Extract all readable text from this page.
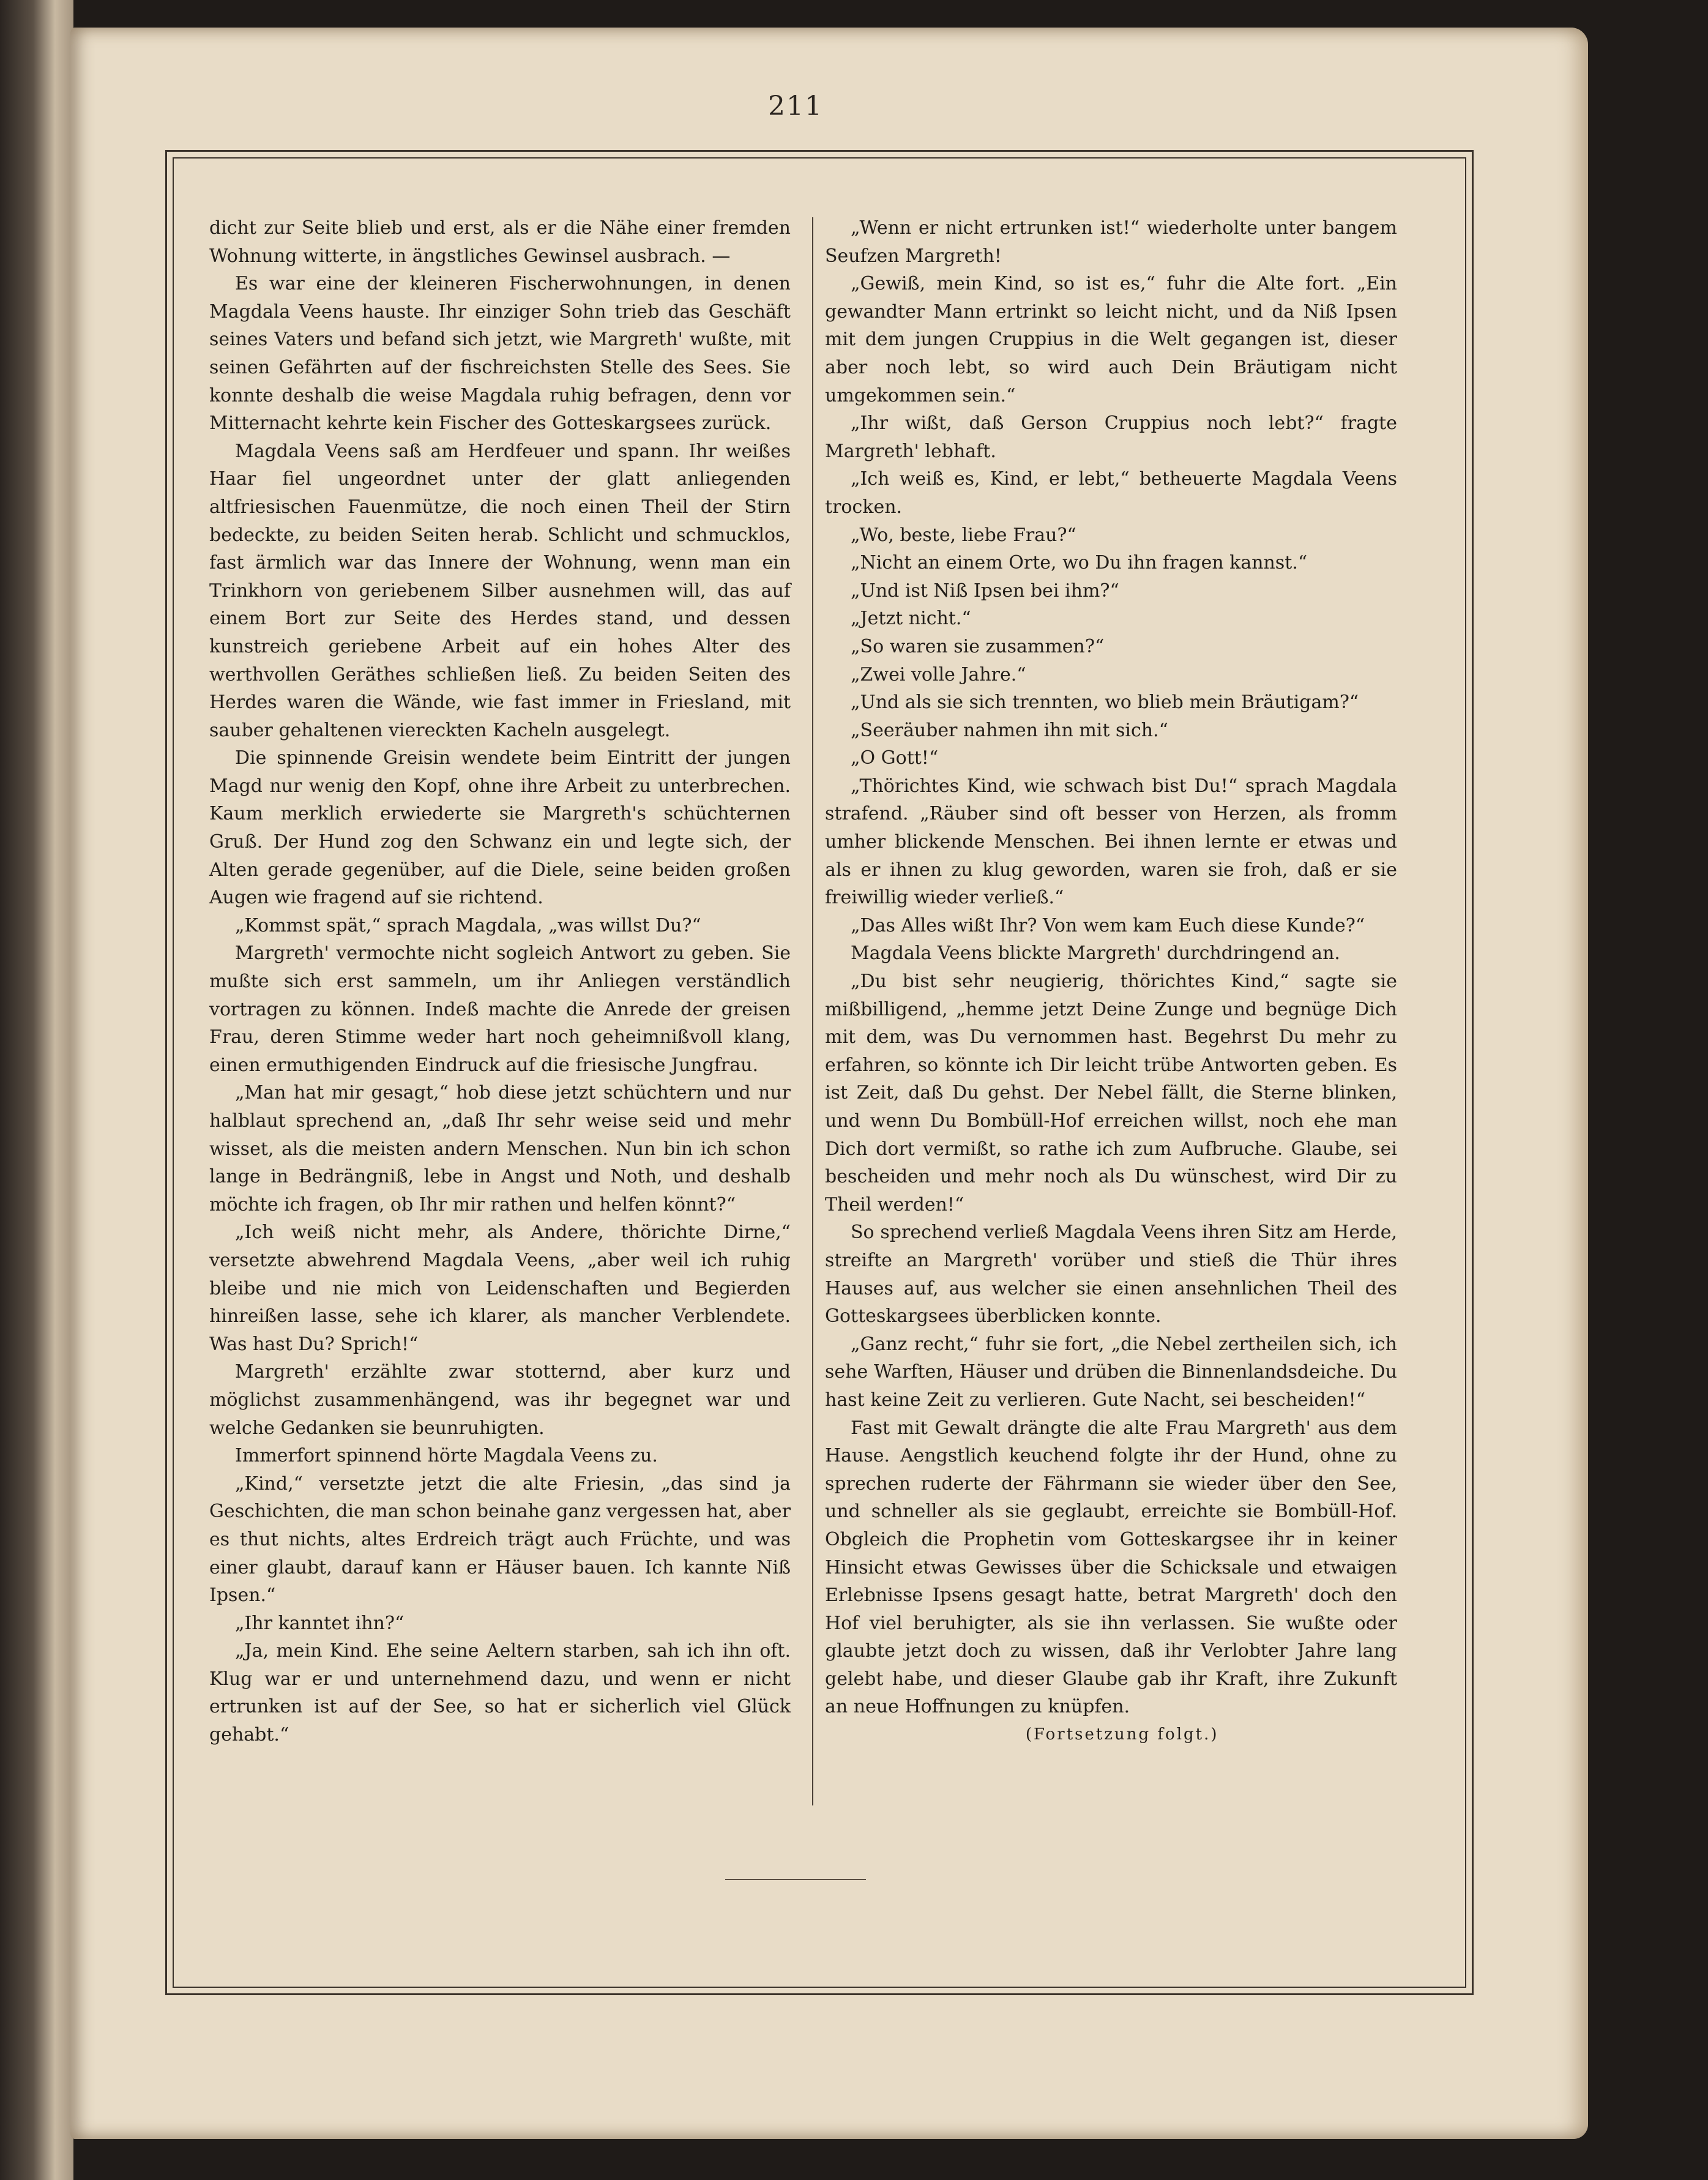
211

dicht zur Seite blieb und erst, als er die Nähe einer fremden Wohnung witterte, in ängstliches Gewinsel ausbrach. —

Es war eine der kleineren Fischerwohnungen, in denen Magdala Veens hauste. Ihr einziger Sohn trieb das Geschäft seines Vaters und befand sich jetzt, wie Margreth' wußte, mit seinen Gefährten auf der fischreichsten Stelle des Sees. Sie konnte deshalb die weise Magdala ruhig befragen, denn vor Mitternacht kehrte kein Fischer des Gotteskargsees zurück.

Magdala Veens saß am Herdfeuer und spann. Ihr weißes Haar fiel ungeordnet unter der glatt anliegenden altfriesischen Fauenmütze, die noch einen Theil der Stirn bedeckte, zu beiden Seiten herab. Schlicht und schmucklos, fast ärmlich war das Innere der Wohnung, wenn man ein Trinkhorn von geriebenem Silber ausnehmen will, das auf einem Bort zur Seite des Herdes stand, und dessen kunstreich geriebene Arbeit auf ein hohes Alter des werthvollen Geräthes schließen ließ. Zu beiden Seiten des Herdes waren die Wände, wie fast immer in Friesland, mit sauber gehaltenen viereckten Kacheln ausgelegt.

Die spinnende Greisin wendete beim Eintritt der jungen Magd nur wenig den Kopf, ohne ihre Arbeit zu unterbrechen. Kaum merklich erwiederte sie Margreth's schüchternen Gruß. Der Hund zog den Schwanz ein und legte sich, der Alten gerade gegenüber, auf die Diele, seine beiden großen Augen wie fragend auf sie richtend.

„Kommst spät,“ sprach Magdala, „was willst Du?“

Margreth' vermochte nicht sogleich Antwort zu geben. Sie mußte sich erst sammeln, um ihr Anliegen verständlich vortragen zu können. Indeß machte die Anrede der greisen Frau, deren Stimme weder hart noch geheimnißvoll klang, einen ermuthigenden Eindruck auf die friesische Jungfrau.

„Man hat mir gesagt,“ hob diese jetzt schüchtern und nur halblaut sprechend an, „daß Ihr sehr weise seid und mehr wisset, als die meisten andern Menschen. Nun bin ich schon lange in Bedrängniß, lebe in Angst und Noth, und deshalb möchte ich fragen, ob Ihr mir rathen und helfen könnt?“

„Ich weiß nicht mehr, als Andere, thörichte Dirne,“ versetzte abwehrend Magdala Veens, „aber weil ich ruhig bleibe und nie mich von Leidenschaften und Begierden hinreißen lasse, sehe ich klarer, als mancher Verblendete. Was hast Du? Sprich!“

Margreth' erzählte zwar stotternd, aber kurz und möglichst zusammenhängend, was ihr begegnet war und welche Gedanken sie beunruhigten.

Immerfort spinnend hörte Magdala Veens zu.

„Kind,“ versetzte jetzt die alte Friesin, „das sind ja Geschichten, die man schon beinahe ganz vergessen hat, aber es thut nichts, altes Erdreich trägt auch Früchte, und was einer glaubt, darauf kann er Häuser bauen. Ich kannte Niß Ipsen.“

„Ihr kanntet ihn?“

„Ja, mein Kind. Ehe seine Aeltern starben, sah ich ihn oft. Klug war er und unternehmend dazu, und wenn er nicht ertrunken ist auf der See, so hat er sicherlich viel Glück gehabt.“

„Wenn er nicht ertrunken ist!“ wiederholte unter bangem Seufzen Margreth!

„Gewiß, mein Kind, so ist es,“ fuhr die Alte fort. „Ein gewandter Mann ertrinkt so leicht nicht, und da Niß Ipsen mit dem jungen Cruppius in die Welt gegangen ist, dieser aber noch lebt, so wird auch Dein Bräutigam nicht umgekommen sein.“

„Ihr wißt, daß Gerson Cruppius noch lebt?“ fragte Margreth' lebhaft.

„Ich weiß es, Kind, er lebt,“ betheuerte Magdala Veens trocken.

„Wo, beste, liebe Frau?“

„Nicht an einem Orte, wo Du ihn fragen kannst.“

„Und ist Niß Ipsen bei ihm?“

„Jetzt nicht.“

„So waren sie zusammen?“

„Zwei volle Jahre.“

„Und als sie sich trennten, wo blieb mein Bräutigam?“

„Seeräuber nahmen ihn mit sich.“

„O Gott!“

„Thörichtes Kind, wie schwach bist Du!“ sprach Magdala strafend. „Räuber sind oft besser von Herzen, als fromm umher blickende Menschen. Bei ihnen lernte er etwas und als er ihnen zu klug geworden, waren sie froh, daß er sie freiwillig wieder verließ.“

„Das Alles wißt Ihr? Von wem kam Euch diese Kunde?“

Magdala Veens blickte Margreth' durchdringend an.

„Du bist sehr neugierig, thörichtes Kind,“ sagte sie mißbilligend, „hemme jetzt Deine Zunge und begnüge Dich mit dem, was Du vernommen hast. Begehrst Du mehr zu erfahren, so könnte ich Dir leicht trübe Antworten geben. Es ist Zeit, daß Du gehst. Der Nebel fällt, die Sterne blinken, und wenn Du Bombüll-Hof erreichen willst, noch ehe man Dich dort vermißt, so rathe ich zum Aufbruche. Glaube, sei bescheiden und mehr noch als Du wünschest, wird Dir zu Theil werden!“

So sprechend verließ Magdala Veens ihren Sitz am Herde, streifte an Margreth' vorüber und stieß die Thür ihres Hauses auf, aus welcher sie einen ansehnlichen Theil des Gotteskargsees überblicken konnte.

„Ganz recht,“ fuhr sie fort, „die Nebel zertheilen sich, ich sehe Warften, Häuser und drüben die Binnenlandsdeiche. Du hast keine Zeit zu verlieren. Gute Nacht, sei bescheiden!“

Fast mit Gewalt drängte die alte Frau Margreth' aus dem Hause. Aengstlich keuchend folgte ihr der Hund, ohne zu sprechen ruderte der Fährmann sie wieder über den See, und schneller als sie geglaubt, erreichte sie Bombüll-Hof. Obgleich die Prophetin vom Gotteskargsee ihr in keiner Hinsicht etwas Gewisses über die Schicksale und etwaigen Erlebnisse Ipsens gesagt hatte, betrat Margreth' doch den Hof viel beruhigter, als sie ihn verlassen. Sie wußte oder glaubte jetzt doch zu wissen, daß ihr Verlobter Jahre lang gelebt habe, und dieser Glaube gab ihr Kraft, ihre Zukunft an neue Hoffnungen zu knüpfen.

(Fortsetzung folgt.)
